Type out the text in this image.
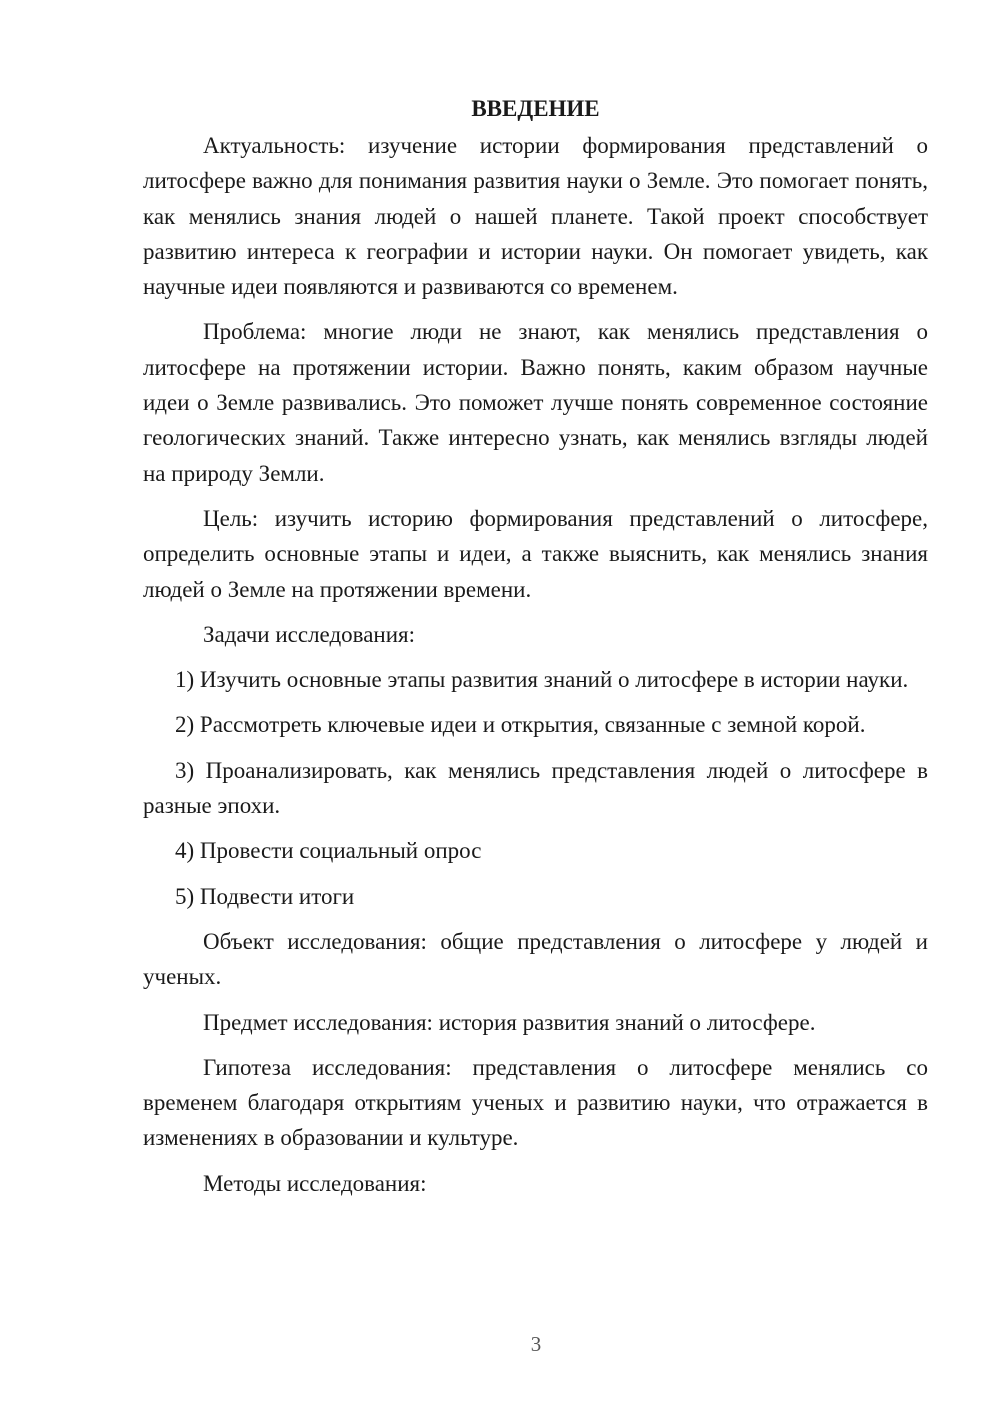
ВВЕДЕНИЕ

Актуальность: изучение истории формирования представлений о литосфере важно для понимания развития науки о Земле. Это помогает понять, как менялись знания людей о нашей планете. Такой проект способствует развитию интереса к географии и истории науки. Он помогает увидеть, как научные идеи появляются и развиваются со временем.

Проблема: многие люди не знают, как менялись представления о литосфере на протяжении истории. Важно понять, каким образом научные идеи о Земле развивались. Это поможет лучше понять современное состояние геологических знаний. Также интересно узнать, как менялись взгляды людей на природу Земли.

Цель: изучить историю формирования представлений о литосфере, определить основные этапы и идеи, а также выяснить, как менялись знания людей о Земле на протяжении времени.

Задачи исследования:

1) Изучить основные этапы развития знаний о литосфере в истории науки.

2) Рассмотреть ключевые идеи и открытия, связанные с земной корой.

3) Проанализировать, как менялись представления людей о литосфере в разные эпохи.

4) Провести социальный опрос

5) Подвести итоги

Объект исследования: общие представления о литосфере у людей и ученых.

Предмет исследования: история развития знаний о литосфере.

Гипотеза исследования: представления о литосфере менялись со временем благодаря открытиям ученых и развитию науки, что отражается в изменениях в образовании и культуре.

Методы исследования:

3
